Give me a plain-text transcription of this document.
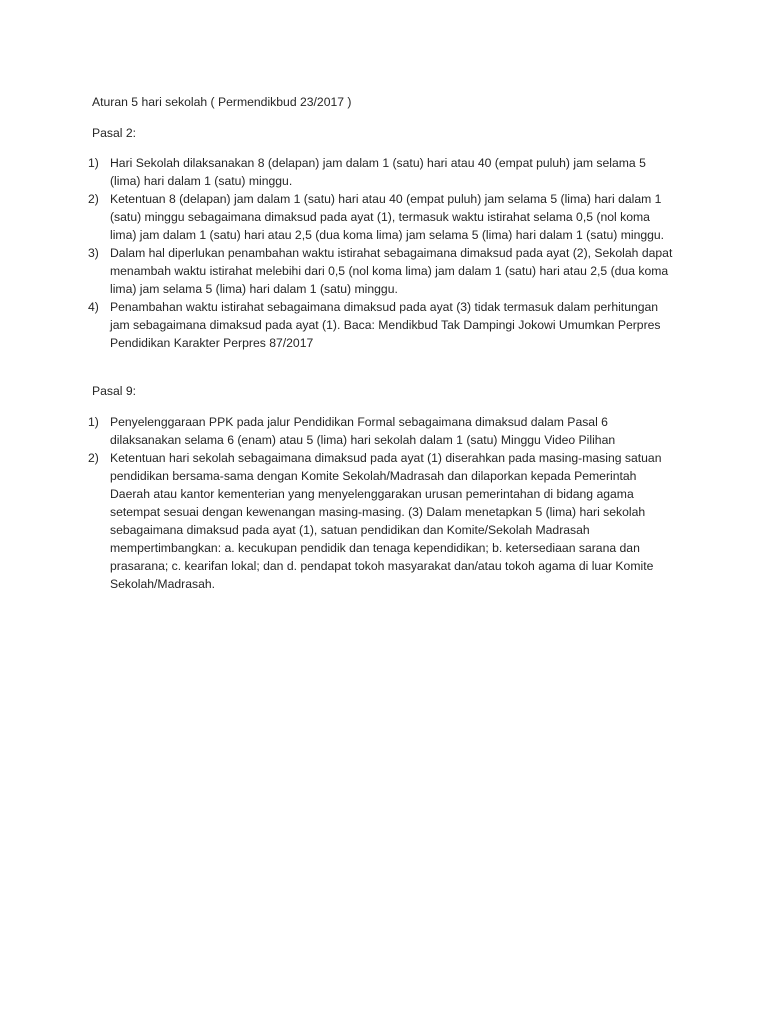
Aturan 5 hari sekolah ( Permendikbud 23/2017 )
Pasal 2:
1) Hari Sekolah dilaksanakan 8 (delapan) jam dalam 1 (satu) hari atau 40 (empat puluh) jam selama 5 (lima) hari dalam 1 (satu) minggu.
2) Ketentuan 8 (delapan) jam dalam 1 (satu) hari atau 40 (empat puluh) jam selama 5 (lima) hari dalam 1 (satu) minggu sebagaimana dimaksud pada ayat (1), termasuk waktu istirahat selama 0,5 (nol koma lima) jam dalam 1 (satu) hari atau 2,5 (dua koma lima) jam selama 5 (lima) hari dalam 1 (satu) minggu.
3) Dalam hal diperlukan penambahan waktu istirahat sebagaimana dimaksud pada ayat (2), Sekolah dapat menambah waktu istirahat melebihi dari 0,5 (nol koma lima) jam dalam 1 (satu) hari atau 2,5 (dua koma lima) jam selama 5 (lima) hari dalam 1 (satu) minggu.
4) Penambahan waktu istirahat sebagaimana dimaksud pada ayat (3) tidak termasuk dalam perhitungan jam sebagaimana dimaksud pada ayat (1). Baca: Mendikbud Tak Dampingi Jokowi Umumkan Perpres Pendidikan Karakter Perpres 87/2017
Pasal 9:
1) Penyelenggaraan PPK pada jalur Pendidikan Formal sebagaimana dimaksud dalam Pasal 6 dilaksanakan selama 6 (enam) atau 5 (lima) hari sekolah dalam 1 (satu) Minggu Video Pilihan
2) Ketentuan hari sekolah sebagaimana dimaksud pada ayat (1) diserahkan pada masing-masing satuan pendidikan bersama-sama dengan Komite Sekolah/Madrasah dan dilaporkan kepada Pemerintah Daerah atau kantor kementerian yang menyelenggarakan urusan pemerintahan di bidang agama setempat sesuai dengan kewenangan masing-masing. (3) Dalam menetapkan 5 (lima) hari sekolah sebagaimana dimaksud pada ayat (1), satuan pendidikan dan Komite/Sekolah Madrasah mempertimbangkan: a. kecukupan pendidik dan tenaga kependidikan; b. ketersediaan sarana dan prasarana; c. kearifan lokal; dan d. pendapat tokoh masyarakat dan/atau tokoh agama di luar Komite Sekolah/Madrasah.
